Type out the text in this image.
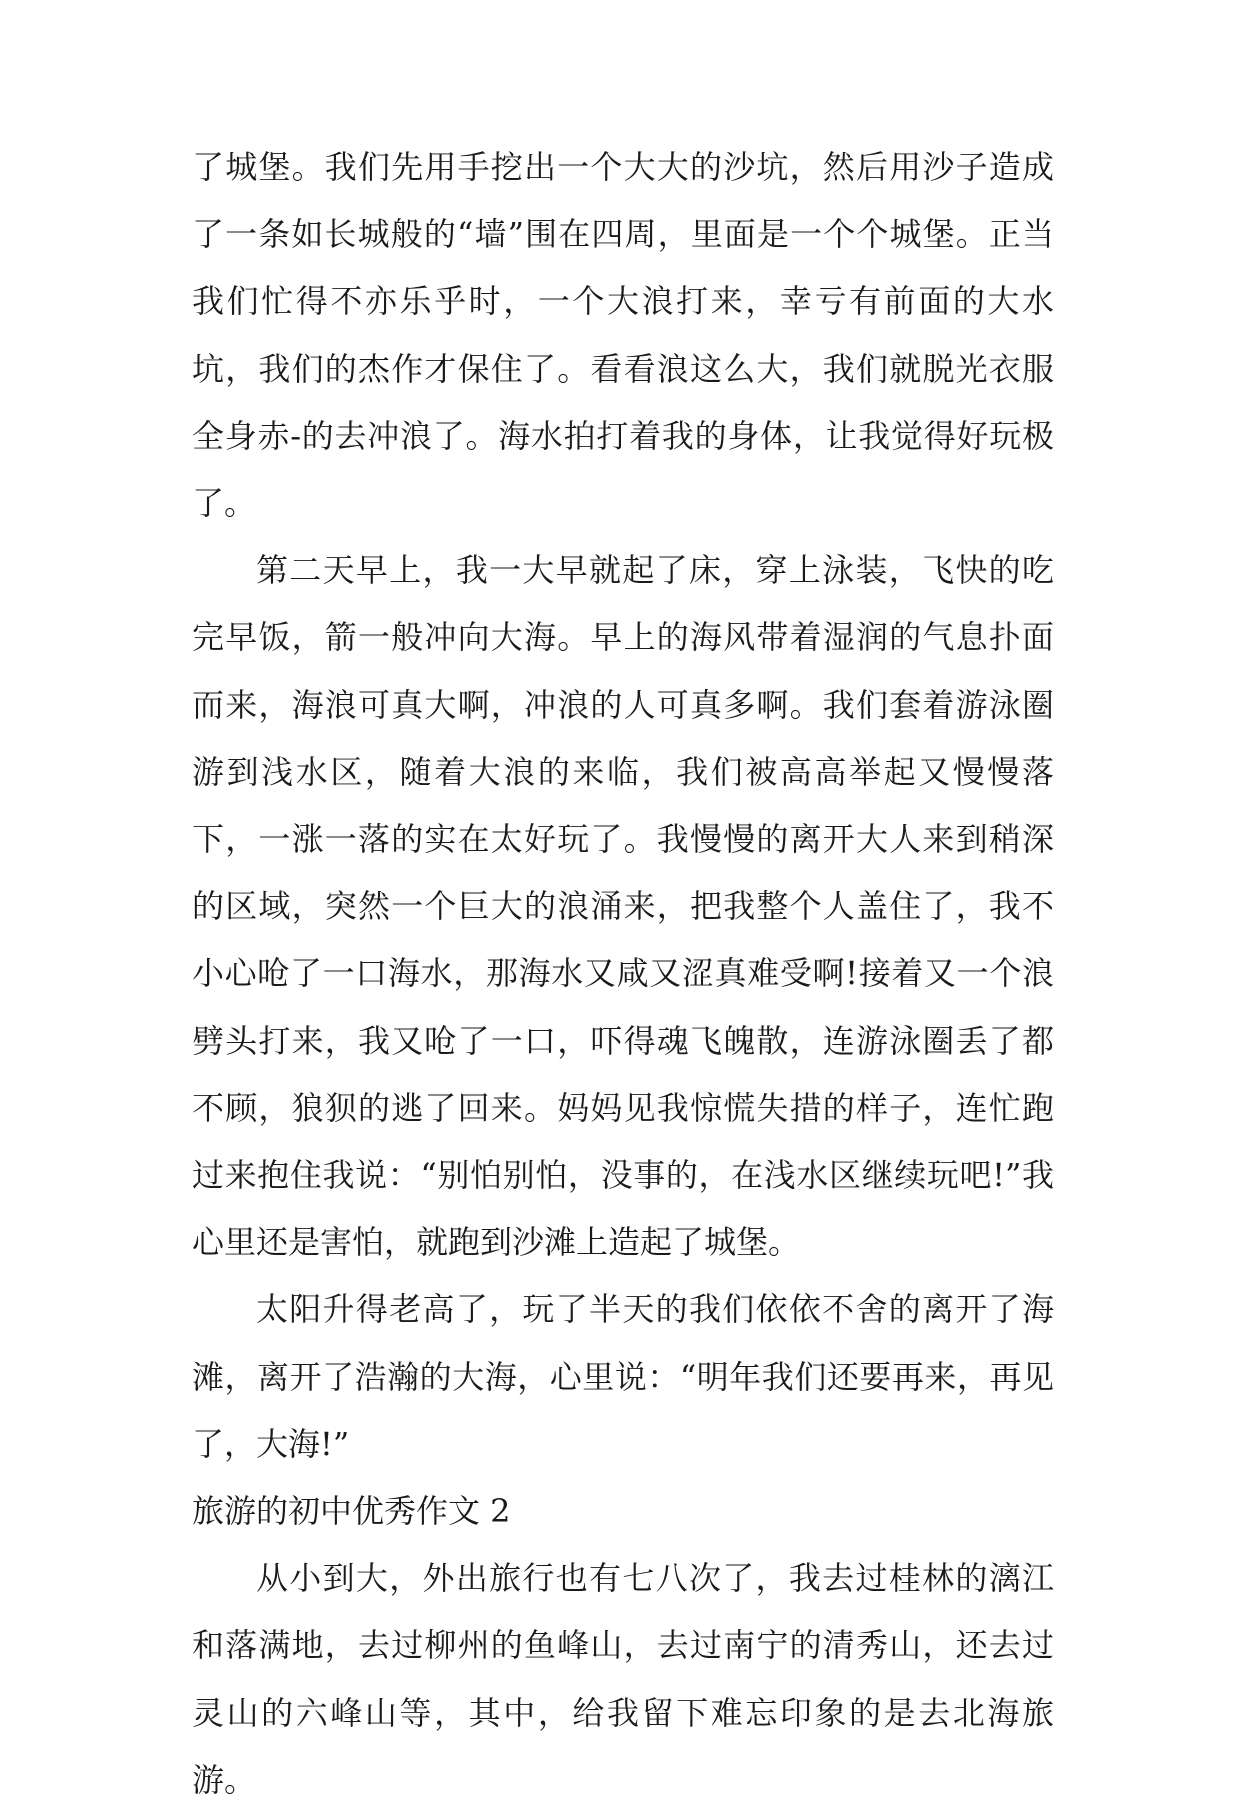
了城堡。我们先用手挖出一个大大的沙坑，然后用沙子造成了一条如长城般的“墙”围在四周，里面是一个个城堡。正当我们忙得不亦乐乎时，一个大浪打来，幸亏有前面的大水坑，我们的杰作才保住了。看看浪这么大，我们就脱光衣服全身赤-的去冲浪了。海水拍打着我的身体，让我觉得好玩极了。

第二天早上，我一大早就起了床，穿上泳装，飞快的吃完早饭，箭一般冲向大海。早上的海风带着湿润的气息扑面而来，海浪可真大啊，冲浪的人可真多啊。我们套着游泳圈游到浅水区，随着大浪的来临，我们被高高举起又慢慢落下，一涨一落的实在太好玩了。我慢慢的离开大人来到稍深的区域，突然一个巨大的浪涌来，把我整个人盖住了，我不小心呛了一口海水，那海水又咸又涩真难受啊!接着又一个浪劈头打来，我又呛了一口，吓得魂飞魄散，连游泳圈丢了都不顾，狼狈的逃了回来。妈妈见我惊慌失措的样子，连忙跑过来抱住我说：“别怕别怕，没事的，在浅水区继续玩吧!”我心里还是害怕，就跑到沙滩上造起了城堡。

太阳升得老高了，玩了半天的我们依依不舍的离开了海滩，离开了浩瀚的大海，心里说：“明年我们还要再来，再见了，大海!”

旅游的初中优秀作文 2

从小到大，外出旅行也有七八次了，我去过桂林的漓江和落满地，去过柳州的鱼峰山，去过南宁的清秀山，还去过灵山的六峰山等，其中，给我留下难忘印象的是去北海旅游。
